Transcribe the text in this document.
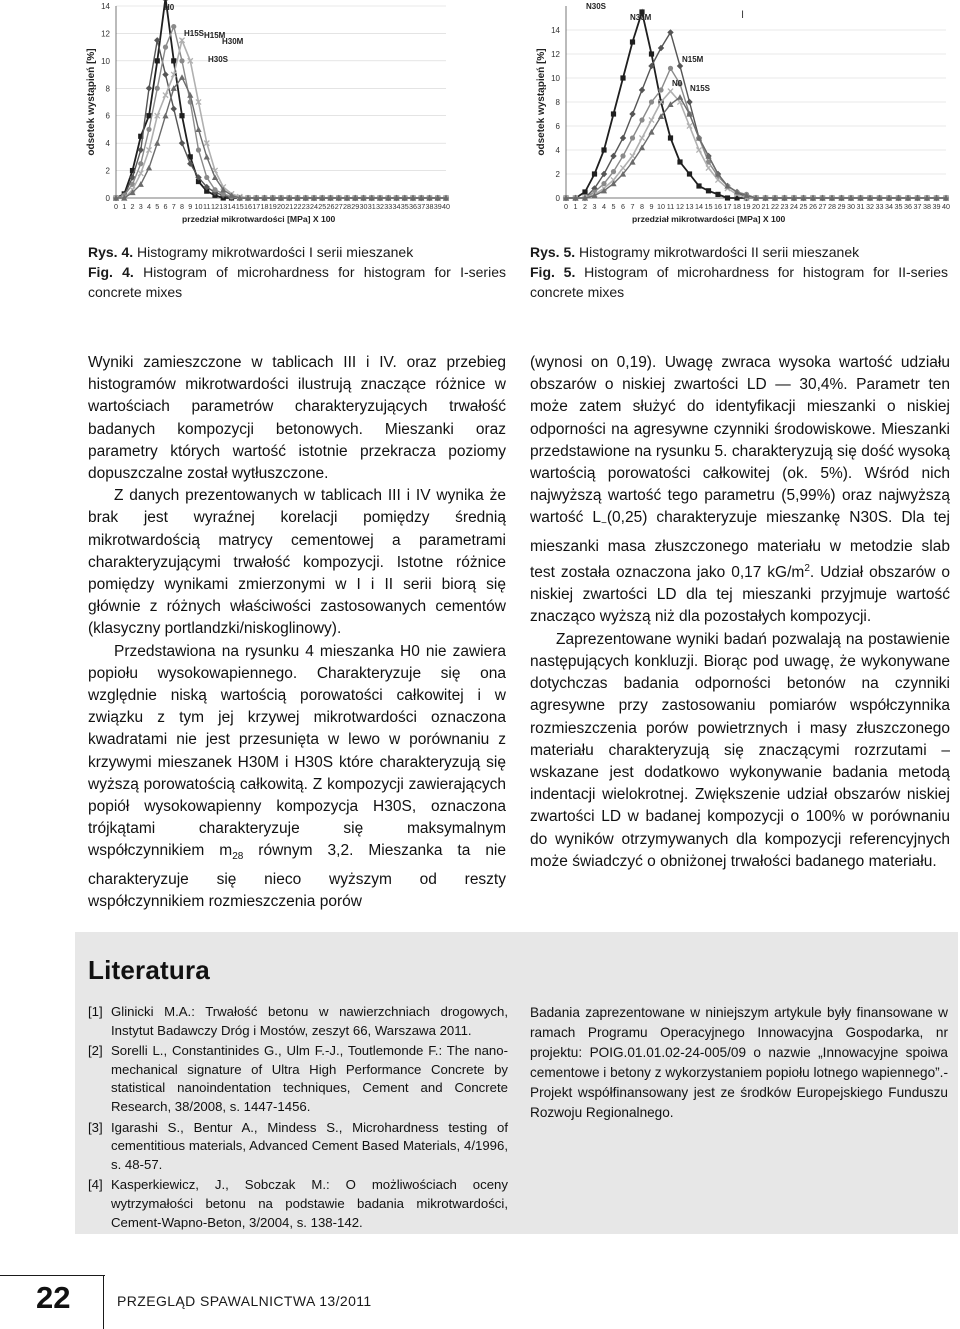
odsetek wystąpień [%]
0
2
4
6
8
10
12
14
0 1 2 3 4 5 6 7 8 9 10 11 12 13 14 15 16 17 18 19 20 21 22 23 24 25 26 27 28 29 30 31 32 33 34 35 36 37 38 39 40
przedział mikrotwardości [MPa] X 100
H0
H15S H15M
H30M
H30S	odsetek wystąpień [%]
0
2
4
6
8
10
12
14
0 1 2 3 4 5 6 7 8 9 10 11 12 13 14 15 16 17 18 19 20 21 22 23 24 25 26 27 28 29 30 31 32 33 34 35 36 37 38 39 40
przedział mikrotwardości [MPa] X 100
N30S
N30M
N15M
N0
N15S
I
Rys. 4. Histogramy mikrotwardości I serii mieszanek
Fig. 4. Histogram of microhardness for histogram for I-series concrete mixes
Rys. 5. Histogramy mikrotwardości II serii mieszanek
Fig. 5. Histogram of microhardness for histogram for II-series concrete mixes

Wyniki zamieszczone w tablicach III i IV. oraz przebieg histogramów mikrotwardości ilustrują znaczące różnice w wartościach parametrów charakteryzujących trwałość badanych kompozycji betonowych. Mieszanki oraz parametry których wartość istotnie przekracza poziomy dopuszczalne został wytłuszczone.

Z danych prezentowanych w tablicach III i IV wynika że brak jest wyraźnej korelacji pomiędzy średnią mikrotwardością matrycy cementowej a parametrami charakteryzującymi trwałość kompozycji. Istotne różnice pomiędzy wynikami zmierzonymi w I i II serii biorą się głównie z różnych właściwości zastosowanych cementów (klasyczny portlandzki/niskoglinowy).

Przedstawiona na rysunku 4 mieszanka H0 nie zawiera popiołu wysokowapiennego. Charakteryzuje się ona względnie niską wartością porowatości całkowitej i w związku z tym jej krzywej mikrotwardości oznaczona kwadratami nie jest przesunięta w lewo w porównaniu z krzywymi mieszanek H30M i H30S które charakteryzują się wyższą porowatością całkowitą. Z kompozycji zawierających popiół wysokowapienny kompozycja H30S, oznaczona trójkątami charakteryzuje się maksymalnym współczynnikiem $m_{28}$ równym 3,2. Mieszanka ta nie charakteryzuje się nieco wyższym od reszty współczynnikiem rozmieszczenia porów

(wynosi on 0,19). Uwagę zwraca wysoka wartość udziału obszarów o niskiej zwartości LD — 30,4%. Parametr ten może zatem służyć do identyfikacji mieszanki o niskiej odporności na agresywne czynniki środowiskowe. Mieszanki przedstawione na rysunku 5. charakteryzują się dość wysoką wartością porowatości całkowitej (ok. 5%). Wśród nich najwyższą wartość tego parametru (5,99%) oraz najwyższą wartość $L_-(0,25)$ charakteryzuje mieszankę N30S. Dla tej mieszanki masa złuszczonego materiału w metodzie slab test została oznaczona jako 0,17 $kG/m^2$. Udział obszarów o niskiej zwartości LD dla tej mieszanki przyjmuje wartość znacząco wyższą niż dla pozostałych kompozycji.

Zaprezentowane wyniki badań pozwalają na postawienie następujących konkluzji. Biorąc pod uwagę, że wykonywane dotychczas badania odporności betonów na czynniki agresywne przy zastosowaniu pomiarów współczynnika rozmieszczenia porów powietrznych i masy złuszczonego materiału charakteryzują się znaczącymi rozrzutami – wskazane jest dodatkowo wykonywanie badania metodą indentacji wielokrotnej. Zwiększenie udział obszarów niskiej zwartości LD w badanej kompozycji o 100% w porównaniu do wyników otrzymywanych dla kompozycji referencyjnych może świadczyć o obniżonej trwałości badanego materiału.

Literatura
[1] Glinicki M.A.: Trwałość betonu w nawierzchniach drogowych, Instytut Badawczy Dróg i Mostów, zeszyt 66, Warszawa 2011.
[2] Sorelli L., Constantinides G., Ulm F.-J., Toutlemonde F.: The nano-mechanical signature of Ultra High Performance Concrete by statistical nanoindentation techniques, Cement and Concrete Research, 38/2008, s. 1447-1456.
[3] Igarashi S., Bentur A., Mindess S., Microhardness testing of cementitious materials, Advanced Cement Based Materials, 4/1996, s. 48-57.
[4] Kasperkiewicz, J., Sobczak M.: O możliwościach oceny wytrzymałości betonu na podstawie badania mikrotwardości, Cement-Wapno-Beton, 3/2004, s. 138-142.
Badania zaprezentowane w niniejszym artykule były finansowane w ramach Programu Operacyjnego Innowacyjna Gospodarka, nr projektu: POIG.01.01.02-24-005/09 o nazwie „Innowacyjne spoiwa cementowe i betony z wykorzystaniem popiołu lotnego wapiennego”.- Projekt współfinansowany jest ze środków Europejskiego Funduszu Rozwoju Regionalnego.
22	PRZEGLĄD SPAWALNICTWA 13/2011
